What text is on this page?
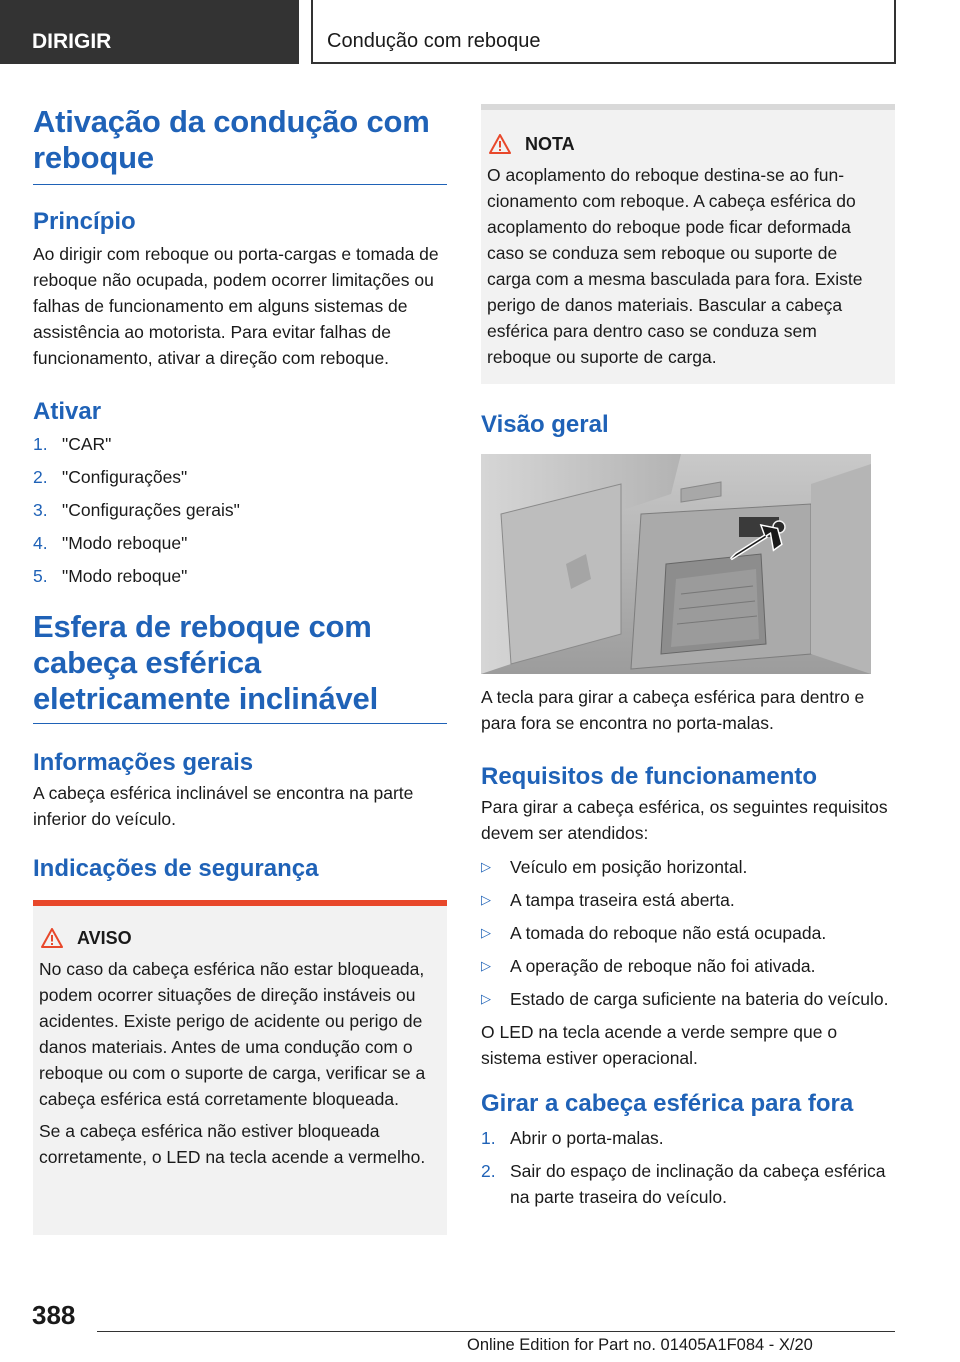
DIRIGIR	Condução com reboque
Ativação da condução com reboque
Princípio

Ao dirigir com reboque ou porta-cargas e tomada de reboque não ocupada, podem ocorrer limitações ou falhas de funcionamento em alguns sistemas de assistência ao motorista. Para evitar falhas de funcionamento, ativar a direção com reboque.

Ativar
1. "CAR"
2. "Configurações"
3. "Configurações gerais"
4. "Modo reboque"
5. "Modo reboque"
Esfera de reboque com cabeça esférica eletricamente inclinável
Informações gerais

A cabeça esférica inclinável se encontra na parte inferior do veículo.

Indicações de segurança
AVISO

No caso da cabeça esférica não estar bloqueada, podem ocorrer situações de direção instáveis ou acidentes. Existe perigo de acidente ou perigo de danos materiais. Antes de uma condução com o reboque ou com o suporte de carga, verificar se a cabeça esférica está corretamente bloqueada.

Se a cabeça esférica não estiver bloqueada corretamente, o LED na tecla acende a vermelho.

NOTA

O acoplamento do reboque destina-se ao funcionamento com reboque. A cabeça esférica do acoplamento do reboque pode ficar deformada caso se conduza sem reboque ou suporte de carga com a mesma basculada para fora. Existe perigo de danos materiais. Bascular a cabeça esférica para dentro caso se conduza sem reboque ou suporte de carga.

Visão geral

A tecla para girar a cabeça esférica para dentro e para fora se encontra no porta-malas.

Requisitos de funcionamento

Para girar a cabeça esférica, os seguintes requisitos devem ser atendidos:

▷ Veículo em posição horizontal.
▷ A tampa traseira está aberta.
▷ A tomada do reboque não está ocupada.
▷ A operação de reboque não foi ativada.
▷ Estado de carga suficiente na bateria do veículo.

O LED na tecla acende a verde sempre que o sistema estiver operacional.

Girar a cabeça esférica para fora
1. Abrir o porta-malas.
2. Sair do espaço de inclinação da cabeça esférica na parte traseira do veículo.
388
Online Edition for Part no. 01405A1F084 - X/20
